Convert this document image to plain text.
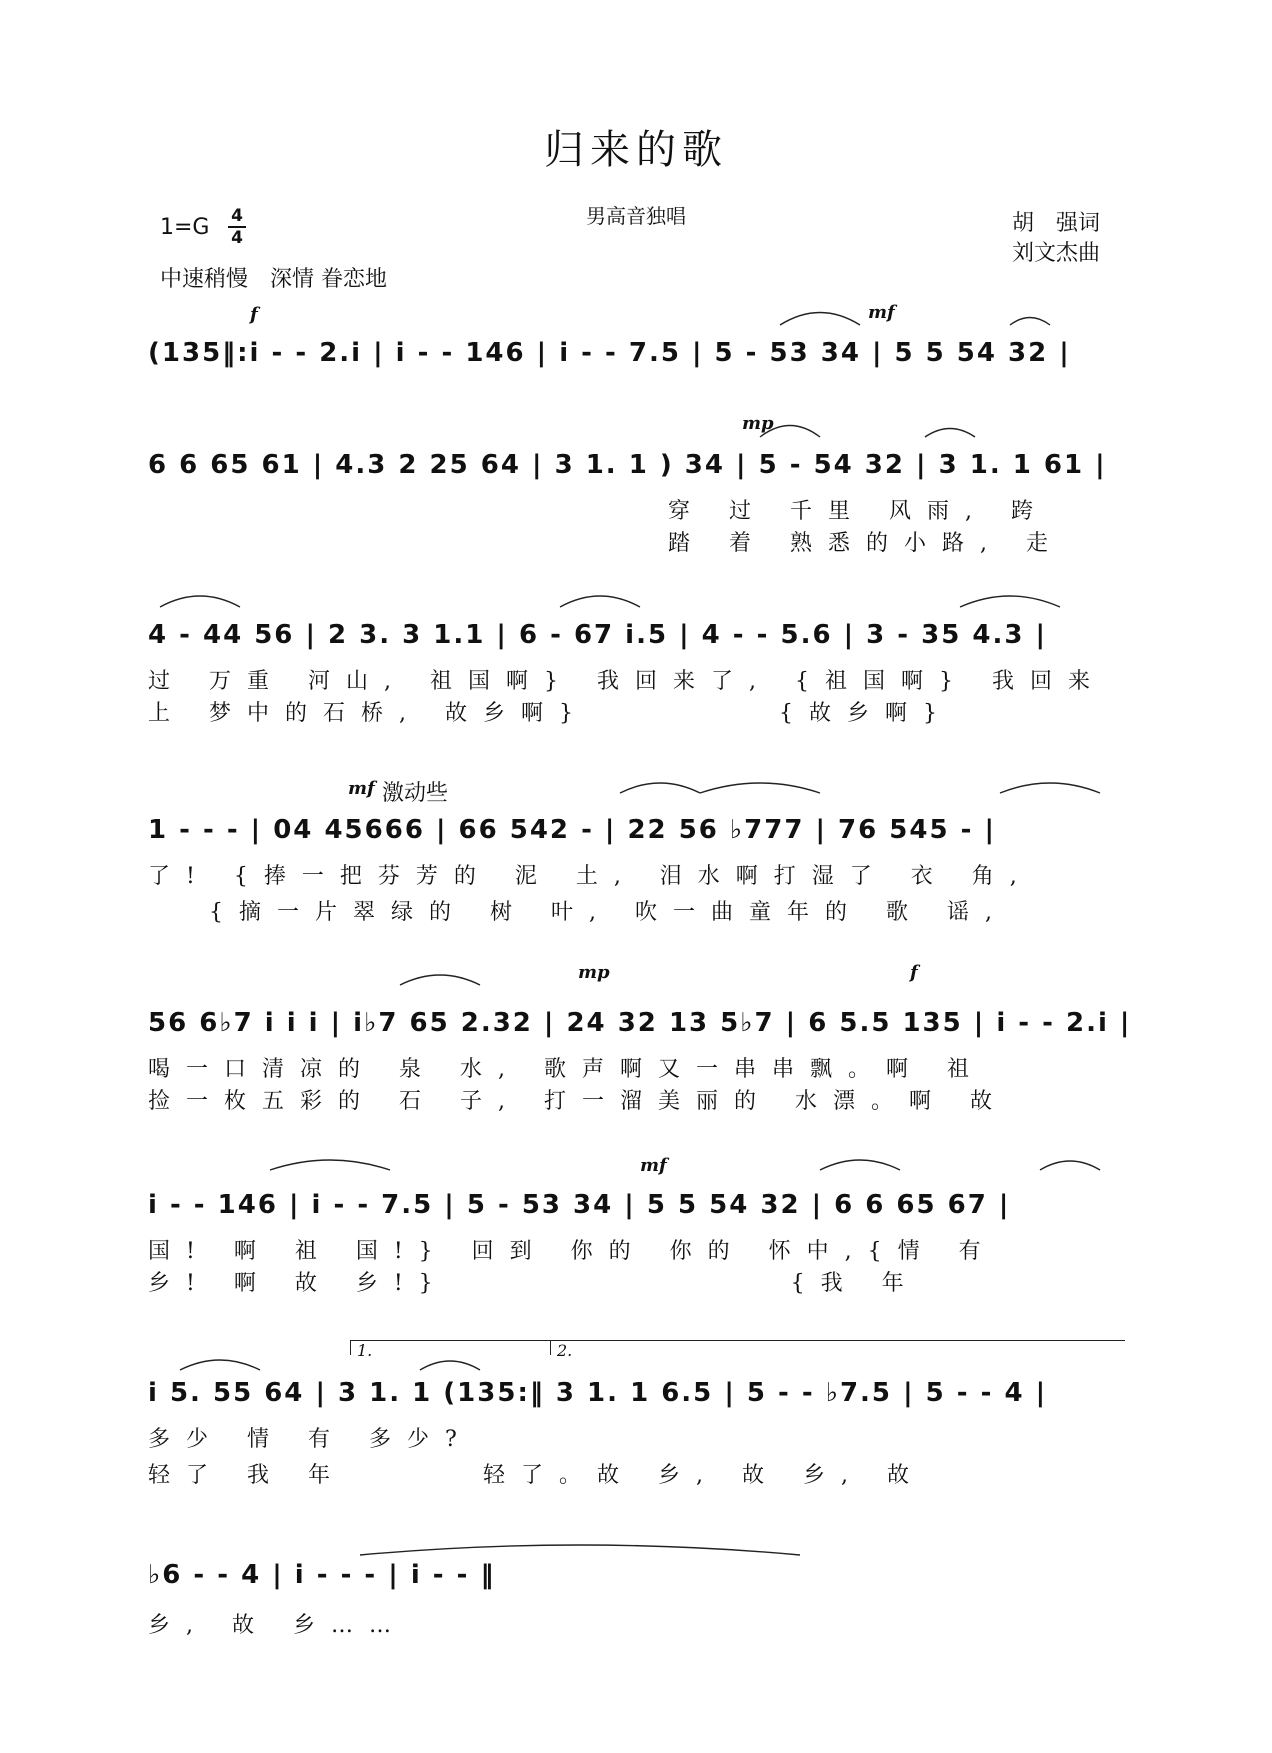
归来的歌
男高音独唱
1=G 4
4
中速稍慢　深情 眷恋地
胡　强词
刘文杰曲
f	mf
mp
mf 激动些
mp	f
mf
1.	2.
(135‖:i - - 2.i | i - - 146 | i - - 7.5 | 5 - 53 34 | 5 5 54 32 |
6 6 65 61 | 4.3 2 25 64 | 3 1. 1 ) 34 | 5 - 54 32 | 3 1. 1 61 |
穿 过 千里 风雨, 跨
踏 着 熟悉的小路, 走
4 - 44 56 | 2 3. 3 1.1 | 6 - 67 i.5 | 4 - - 5.6 | 3 - 35 4.3 |
过 万重 河山, 祖国啊} 我回来了, {祖国啊} 我回来
上 梦中的石桥, 故乡啊}　　　　　{故乡啊}
1 - - - | 04 45666 | 66 542 - | 22 56 ♭777 | 76 545 - |
了! {捧一把芬芳的 泥 土, 泪水啊打湿了 衣 角,
　 {摘一片翠绿的 树 叶, 吹一曲童年的 歌 谣,
56 6♭7 i i i | i♭7 65 2.32 | 24 32 13 5♭7 | 6 5.5 135 | i - - 2.i |
喝一口清凉的 泉 水, 歌声啊又一串串飘。啊 祖
捡一枚五彩的 石 子, 打一溜美丽的 水漂。啊 故
i - - 146 | i - - 7.5 | 5 - 53 34 | 5 5 54 32 | 6 6 65 67 |
国! 啊 祖 国!} 回到 你的 你的 怀中,{情 有
乡! 啊 故 乡!}　　　　　　　　　{我 年
i 5. 55 64 | 3 1. 1 (135:‖ 3 1. 1 6.5 | 5 - - ♭7.5 | 5 - - 4 |
多少 情 有 多少?
轻了 我 年　　　 轻了。故 乡, 故 乡, 故
♭6 - - 4 | i - - - | i - - ‖
乡, 故 乡……
